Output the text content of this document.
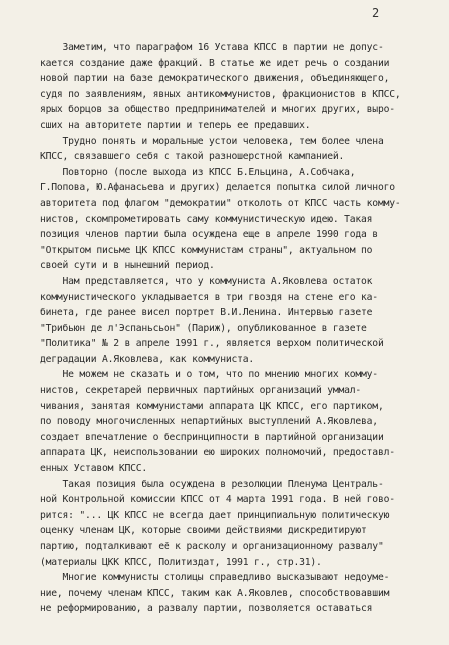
2
Заметим, что параграфом 16 Устава КПСС в партии не допус-
кается создание даже фракций. В статье же идет речь о создании
новой партии на базе демократического движения, объединяющего,
судя по заявлениям, явных антикоммунистов, фракционистов в КПСС,
ярых борцов за общество предпринимателей и многих других, выро-
сших на авторитете партии и теперь ее предавших.
Трудно понять и моральные устои человека, тем более члена
КПСС, связавшего себя с такой разношерстной кампанией.
Повторно (после выхода из КПСС Б.Ельцина, А.Собчака,
Г.Попова, Ю.Афанасьева и других) делается попытка силой личного
авторитета под флагом "демократии" отколоть от КПСС часть комму-
нистов, скомпрометировать саму коммунистическую идею. Такая
позиция членов партии была осуждена еще в апреле 1990 года в
"Открытом письме ЦК КПСС коммунистам страны", актуальном по
своей сути и в нынешний период.
Нам представляется, что у коммуниста А.Яковлева остаток
коммунистического укладывается в три гвоздя на стене его ка-
бинета, где ранее висел портрет В.И.Ленина. Интервью газете
"Трибьюн де л'Эспаньсьон" (Париж), опубликованное в газете
"Политика" № 2 в апреле 1991 г., является верхом политической
деградации А.Яковлева, как коммуниста.
Не можем не сказать и о том, что по мнению многих комму-
нистов, секретарей первичных партийных организаций уммал-
чивания, занятая коммунистами аппарата ЦК КПСС, его партиком,
по поводу многочисленных непартийных выступлений А.Яковлева,
создает впечатление о беспринципности в партийной организации
аппарата ЦК, неиспользовании ею широких полномочий, предоставл-
енных Уставом КПСС.
Такая позиция была осуждена в резолюции Пленума Централь-
ной Контрольной комиссии КПСС от 4 марта 1991 года. В ней гово-
рится: "... ЦК КПСС не всегда дает принципиальную политическую
оценку членам ЦК, которые своими действиями дискредитируют
партию, подталкивают её к расколу и организационному развалу"
(материалы ЦКК КПСС, Политиздат, 1991 г., стр.31).
Многие коммунисты столицы справедливо высказывают недоуме-
ние, почему членам КПСС, таким как А.Яковлев, способствовавшим
не реформированию, а развалу партии, позволяется оставаться
